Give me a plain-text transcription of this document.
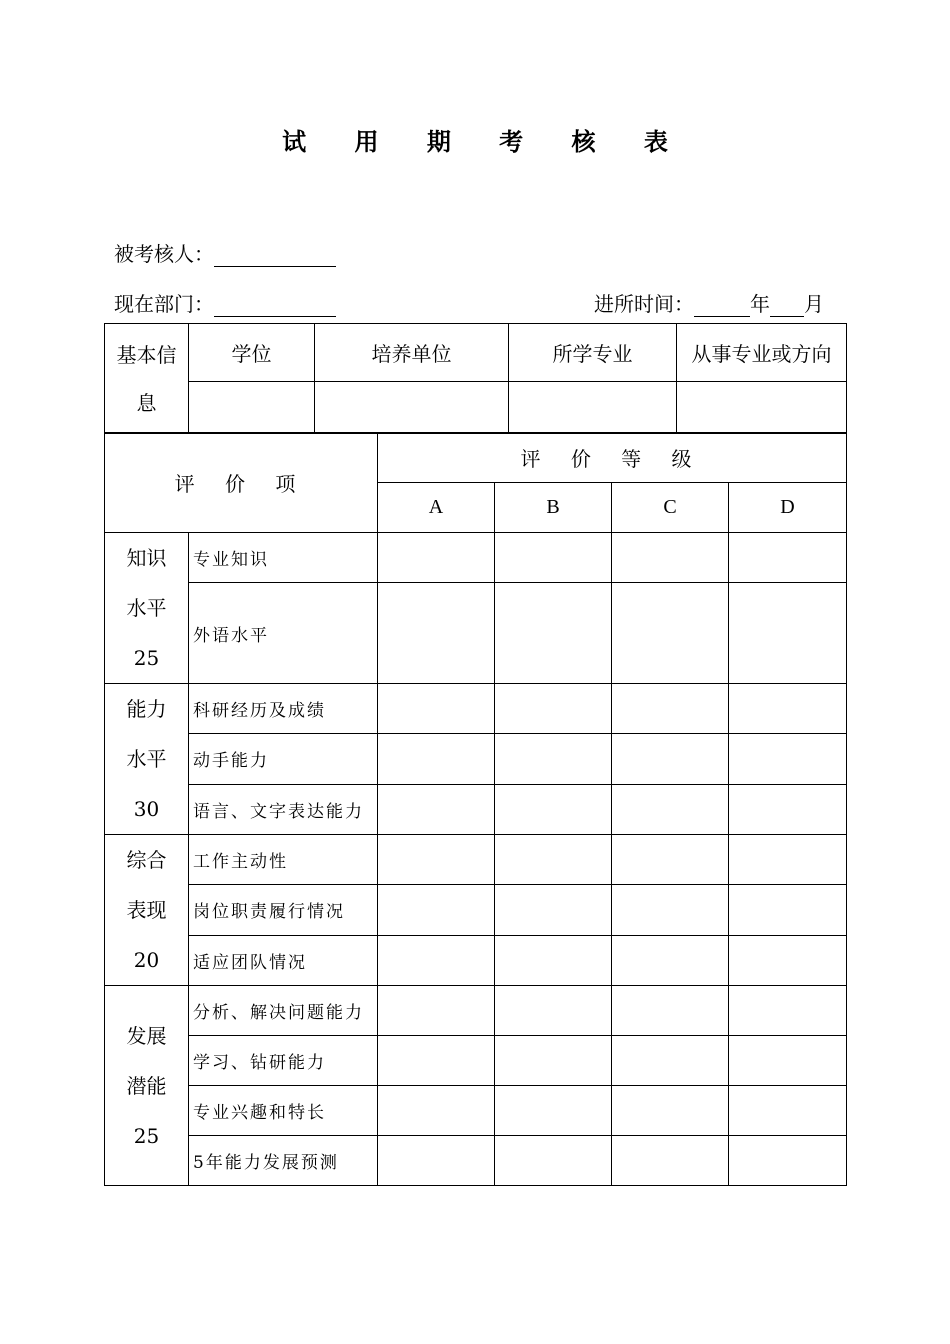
试 用 期 考 核 表
被考核人：
现在部门：	进所时间：	年 月
基本信
息	学位	培养单位	所学专业	从事专业或方向

评 价 项		评 价 等 级			
		A	B	C	D

知识
水平
25	专业知识				
	外语水平				

能力
水平
30	科研经历及成绩				
	动手能力				
	语言、文字表达能力				

综合
表现
20	工作主动性				
	岗位职责履行情况				
	适应团队情况				

发展
潜能
25	分析、解决问题能力				
	学习、钻研能力				
	专业兴趣和特长				
	5年能力发展预测				
